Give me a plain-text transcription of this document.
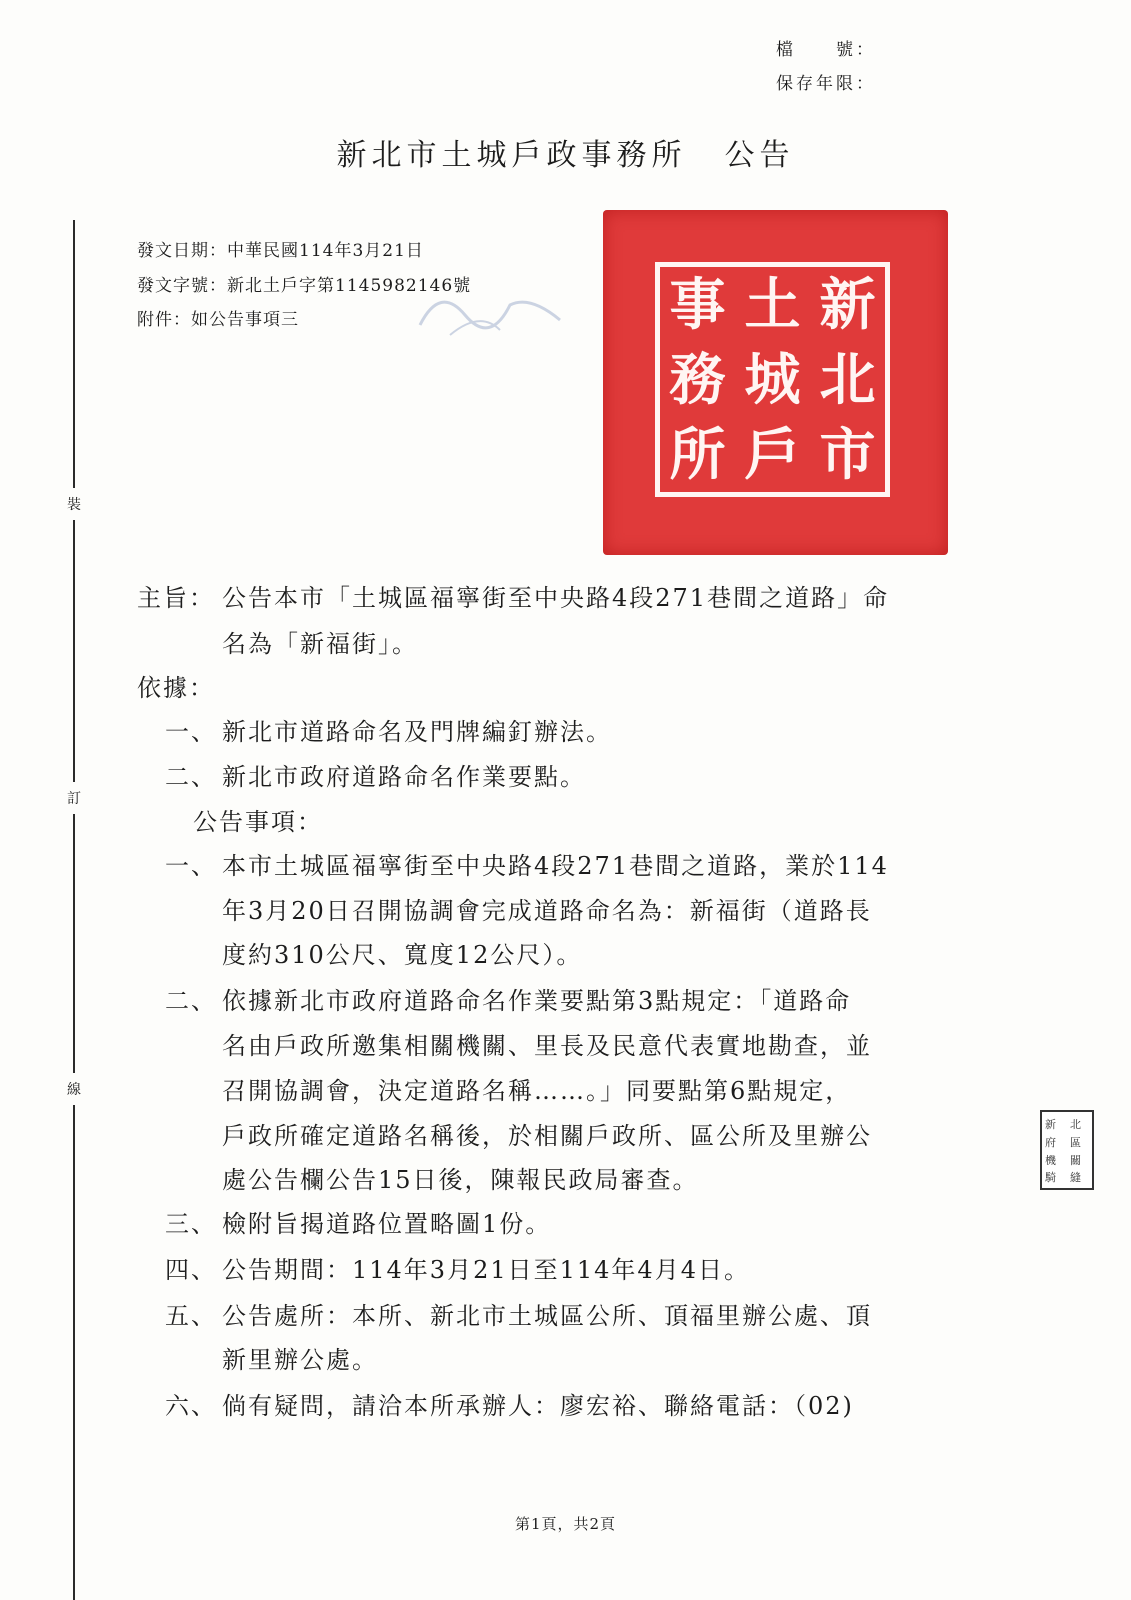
檔　　號：
保存年限：
新北市土城戶政事務所 公告
裝
訂
線
發文日期：中華民國114年3月21日
發文字號：新北土戶字第1145982146號
附件：如公告事項三	事 土 新
務 城 北
所 戶 市
新 北
府 區
機 關
騎 縫
主旨： 公告本市「土城區福寧街至中央路4段271巷間之道路」命
名為「新福街」。
依據：
一、 新北市道路命名及門牌編釘辦法。
二、 新北市政府道路命名作業要點。
公告事項：
一、 本市土城區福寧街至中央路4段271巷間之道路，業於114
年3月20日召開協調會完成道路命名為：新福街（道路長
度約310公尺、寬度12公尺）。
二、 依據新北市政府道路命名作業要點第3點規定：「道路命
名由戶政所邀集相關機關、里長及民意代表實地勘查，並
召開協調會，決定道路名稱……。」同要點第6點規定，
戶政所確定道路名稱後，於相關戶政所、區公所及里辦公
處公告欄公告15日後，陳報民政局審查。
三、 檢附旨揭道路位置略圖1份。
四、 公告期間：114年3月21日至114年4月4日。
五、 公告處所：本所、新北市土城區公所、頂福里辦公處、頂
新里辦公處。
六、 倘有疑問，請洽本所承辦人：廖宏裕、聯絡電話：（02)
第1頁，共2頁
